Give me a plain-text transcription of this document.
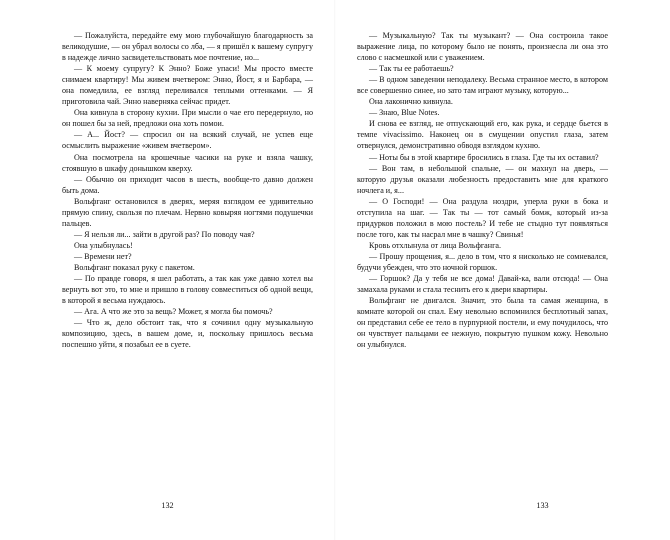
— Пожалуйста, передайте ему мою глубочайшую благодарность за великодушие, — он убрал волосы со лба, — я пришёл к вашему супругу в надежде лично засвидетельствовать мое почтение, но...

— К моему супругу? К Энно? Боже упаси! Мы просто вместе снимаем квартиру! Мы живем вчетвером: Энно, Йост, я и Барбара, — она помедлила, ее взгляд переливался теплыми оттенками. — Я приготовила чай. Энно наверняка сейчас придет.

Она кивнула в сторону кухни. При мысли о чае его передернуло, но он пошел бы за ней, предложи она хоть помои.

— А... Йост? — спросил он на всякий случай, не успев еще осмыслить выражение «живем вчетвером».

Она посмотрела на крошечные часики на руке и взяла чашку, стоявшую в шкафу донышком кверху.

— Обычно он приходит часов в шесть, вообще-то давно должен быть дома.

Вольфганг остановился в дверях, меряя взглядом ее удивительно прямую спину, скользя по плечам. Нервно ковыряя ногтями подушечки пальцев.

— Я нельзя ли... зайти в другой раз? По поводу чая?

Она улыбнулась!

— Времени нет?

Вольфганг показал руку с пакетом.

— По правде говоря, я шел работать, а так как уже давно хотел вы вернуть вот это, то мне и пришло в голову совместиться об одной вещи, в которой я весьма нуждаюсь.

— Ага. А что же это за вещь? Может, я могла бы помочь?

— Что ж, дело обстоит так, что я сочинил одну музыкальную композицию, здесь, в вашем доме, и, поскольку пришлось весьма поспешно уйти, я позабыл ее в суете.

132

— Музыкальную? Так ты музыкант? — Она состроила такое выражение лица, по которому было не понять, произнесла ли она это слово с насмешкой или с уважением.

— Так ты ее работаешь?

— В одном заведении неподалеку. Весьма странное место, в котором все совершенно синее, но зато там играют музыку, которую...

Она лаконично кивнула.

— Знаю, Blue Notes.

И снова ее взгляд, не отпускающий его, как рука, и сердце бьется в темпе vivacissimo. Наконец он в смущении опустил глаза, затем отвернулся, демонстративно обводя взглядом кухню.

— Ноты бы в этой квартире бросились в глаза. Где ты их оставил?

— Вон там, в небольшой спальне, — он махнул на дверь, — которую друзья оказали любезность предоставить мне для краткого ночлега и, я...

— О Господи! — Она раздула ноздри, уперла руки в бока и отступила на шаг. — Так ты — тот самый бомж, который из-за придурков положил в мою постель? И тебе не стыдно тут появляться после того, как ты насрал мне в чашку? Свинья!

Кровь отхлынула от лица Вольфганга.

— Прошу прощения, я... дело в том, что я нисколько не сомневался, будучи убежден, что это ночной горшок.

— Горшок? Да у тебя не все дома! Давай-ка, вали отсюда! — Она замахала руками и стала теснить его к двери квартиры.

Вольфганг не двигался. Значит, это была та самая женщина, в комнате которой он спал. Ему невольно вспомнился бесплотный запах, он представил себе ее тело в пурпурной постели, и ему почудилось, что он чувствует пальцами ее нежную, покрытую пушком кожу. Невольно он улыбнулся.

133
